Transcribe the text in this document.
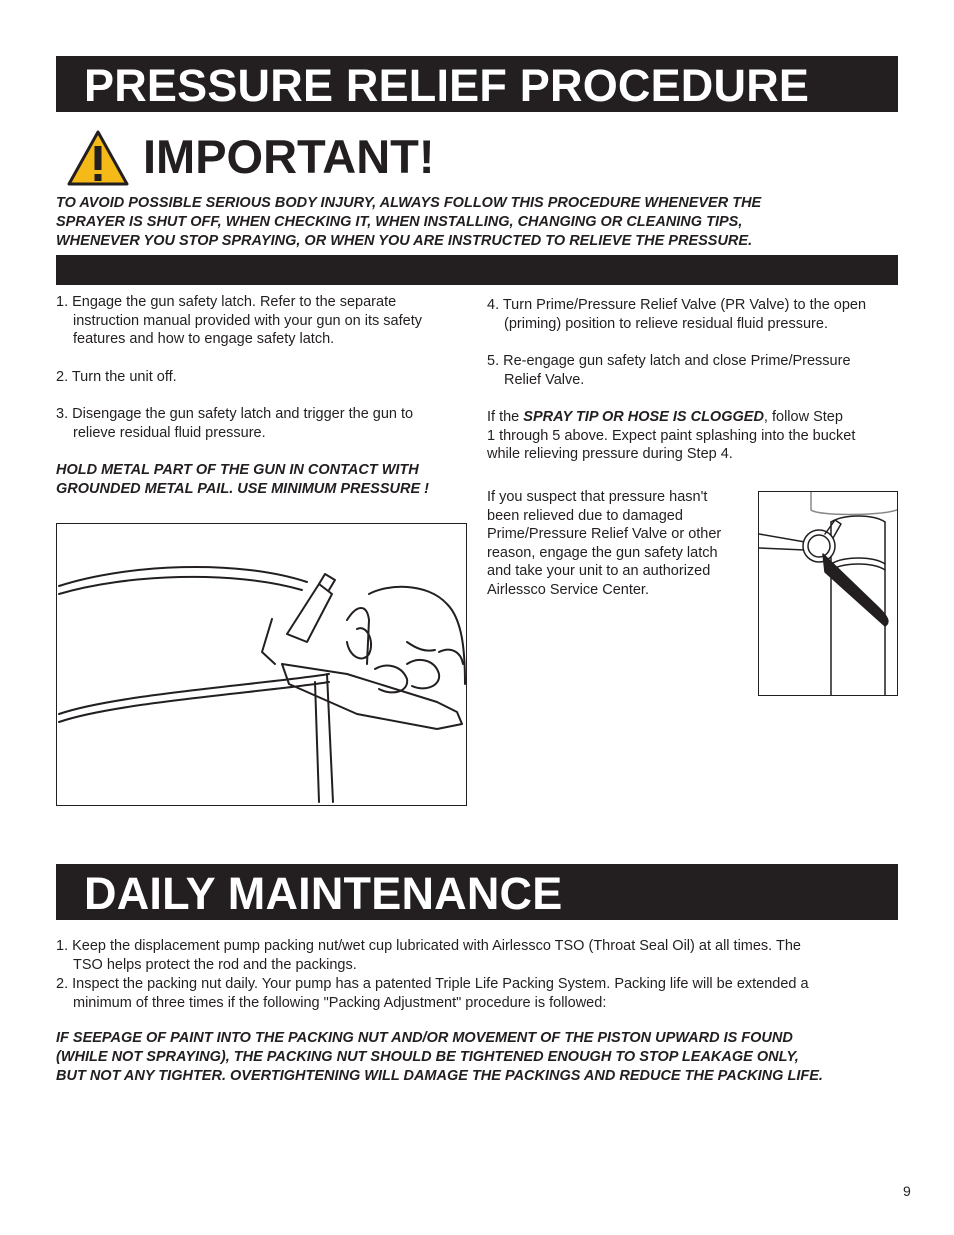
PRESSURE RELIEF PROCEDURE
IMPORTANT!
TO AVOID POSSIBLE SERIOUS BODY INJURY, ALWAYS FOLLOW THIS PROCEDURE WHENEVER THE
SPRAYER IS SHUT OFF, WHEN CHECKING IT, WHEN INSTALLING, CHANGING OR CLEANING TIPS,
WHENEVER YOU STOP SPRAYING, OR WHEN YOU ARE INSTRUCTED TO RELIEVE THE PRESSURE.
1. Engage the gun safety latch. Refer to the separate
instruction manual provided with your gun on its safety
features and how to engage safety latch.
2. Turn the unit off.
3. Disengage the gun safety latch and trigger the gun to
relieve residual fluid pressure.
HOLD METAL PART OF THE GUN IN CONTACT WITH
GROUNDED METAL PAIL. USE MINIMUM PRESSURE !
4. Turn Prime/Pressure Relief Valve (PR Valve) to the open
(priming) position to relieve residual fluid pressure.
5. Re-engage gun safety latch and close Prime/Pressure
Relief Valve.
If the SPRAY TIP OR HOSE IS CLOGGED, follow Step
1 through 5 above. Expect paint splashing into the bucket
while relieving pressure during Step 4.
If you suspect that pressure hasn't
been relieved due to damaged
Prime/Pressure Relief Valve or other
reason, engage the gun safety latch
and take your unit to an authorized
Airlessco Service Center.
DAILY MAINTENANCE
1. Keep the displacement pump packing nut/wet cup lubricated with Airlessco TSO (Throat Seal Oil) at all times. The
TSO helps protect the rod and the packings.
2. Inspect the packing nut daily. Your pump has a patented Triple Life Packing System. Packing life will be extended a
minimum of three times if the following "Packing Adjustment" procedure is followed:
IF SEEPAGE OF PAINT INTO THE PACKING NUT AND/OR MOVEMENT OF THE PISTON UPWARD IS FOUND
(WHILE NOT SPRAYING), THE PACKING NUT SHOULD BE TIGHTENED ENOUGH TO STOP LEAKAGE ONLY,
BUT NOT ANY TIGHTER. OVERTIGHTENING WILL DAMAGE THE PACKINGS AND REDUCE THE PACKING LIFE.
9
